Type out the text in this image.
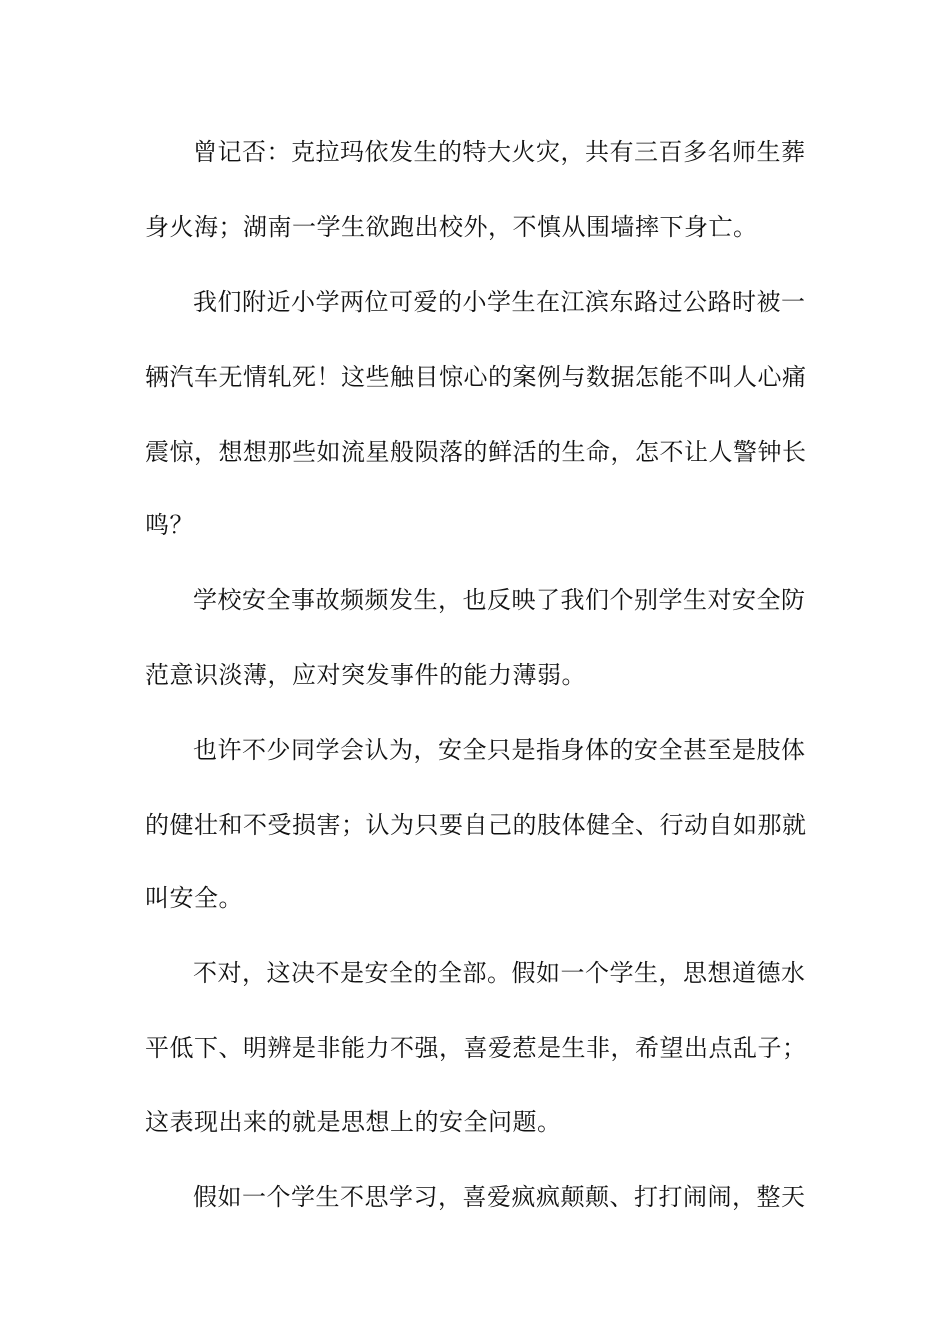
曾记否：克拉玛依发生的特大火灾，共有三百多名师生葬
身火海；湖南一学生欲跑出校外，不慎从围墙摔下身亡。
我们附近小学两位可爱的小学生在江滨东路过公路时被一
辆汽车无情轧死！这些触目惊心的案例与数据怎能不叫人心痛
震惊，想想那些如流星般陨落的鲜活的生命，怎不让人警钟长
鸣？
学校安全事故频频发生，也反映了我们个别学生对安全防
范意识淡薄，应对突发事件的能力薄弱。
也许不少同学会认为，安全只是指身体的安全甚至是肢体
的健壮和不受损害；认为只要自己的肢体健全、行动自如那就
叫安全。
不对，这决不是安全的全部。假如一个学生，思想道德水
平低下、明辨是非能力不强，喜爱惹是生非，希望出点乱子；
这表现出来的就是思想上的安全问题。
假如一个学生不思学习，喜爱疯疯颠颠、打打闹闹，整天
